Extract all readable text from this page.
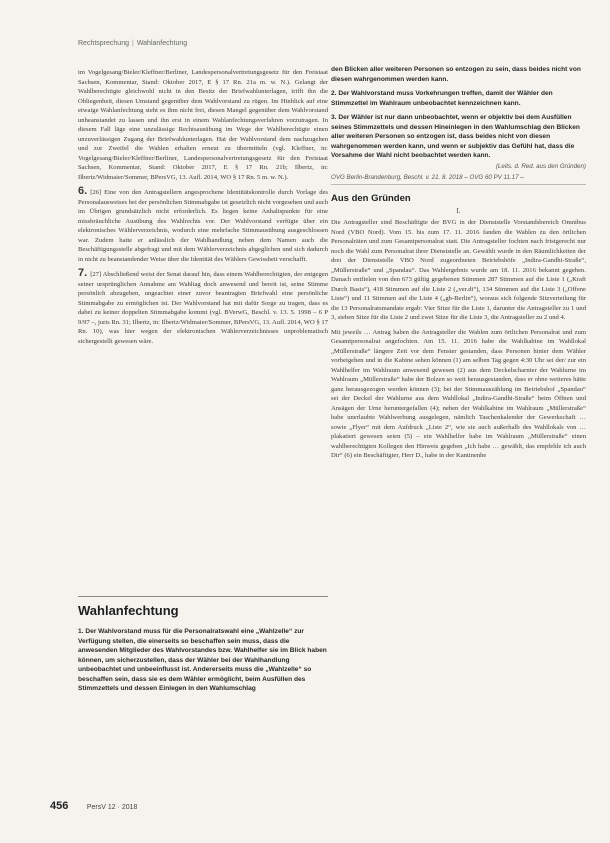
Rechtsprechung | Wahlanfechtung

im Vogelgesang/Bieler/Kleffner/Berliner, Landespersonalvertretungsgesetz für den Freistaat Sachsen, Kommentar, Stand: Oktober 2017, E § 17 Rn. 21a m. w. N.). Gelangt der Wahlberechtigte gleichwohl nicht in den Besitz der Briefwahlunterlagen, trifft ihn die Obliegenheit, diesen Umstand gegenüber dem Wahlvorstand zu rügen. Im Hinblick auf eine etwaige Wahlanfechtung steht es ihm nicht frei, diesen Mangel gegenüber dem Wahlvorstand unbeanstandet zu lassen und ihn erst in einem Wahlanfechtungsverfahren vorzutragen. In diesem Fall läge eine unzulässige Rechtsausübung im Wege der Wahlberechtigte einen unzuverlässigen Zugang der Briefwahlunterlagen. Hat der Wahlvorstand dem nachzugehen und zur Zweifel die Wahlen erhalten erneut zu übermitteln (vgl. Kleffner, in: Vogelgesang/Bieler/Kleffner/Berliner, Landespersonalvertretungsgesetz für den Freistaat Sachsen, Kommentar, Stand: Oktober 2017, E § 17 Rn. 21b; Ilbertz, in: Ilbertz/Widmaier/Sommer, BPersVG, 13. Aufl. 2014, WO § 17 Rn. 5 m. w. N.).

6. [26] Eine von den Antragstellern angesprochene Identitätskontrolle durch Vorlage des Personalausweises bei der persönlichen Stimmabgabe ist gesetzlich nicht vorgesehen und auch im Übrigen grundsätzlich nicht erforderlich. Es liegen keine Anhaltspunkte für eine missbräuchliche Ausübung des Wahlrechts vor. Der Wahlvorstand verfügte über ein elektronisches Wählerverzeichnis, wodurch eine mehrfache Stimmausübung ausgeschlossen war. Zudem hatte er anlässlich der Wahlhandlung neben dem Namen auch die Beschäftigungsstelle abgefragt und mit dem Wählerverzeichnis abgeglichen und sich dadurch in nicht zu beanstandender Weise über die Identität des Wählers Gewissheit verschafft.

7. [27] Abschließend weist der Senat darauf hin, dass einem Wahlberechtigten, der entgegen seiner ursprünglichen Annahme am Wahltag doch anwesend und bereit ist, seine Stimme persönlich abzugeben, ungeachtet einer zuvor beantragten Briefwahl eine persönliche Stimmabgabe zu ermöglichen ist. Der Wahlvorstand hat mit dafür Sorge zu tragen, dass es dabei zu keiner doppelten Stimmabgabe kommt (vgl. BVerwG, Beschl. v. 13. 5. 1998 – 6 P 9/97 –, juris Rn. 31; Ilbertz, in: Ilbertz/Widmaier/Sommer, BPersVG, 13. Aufl. 2014, WO § 17 Rn. 10), was hier wegen der elektronischen Wählerverzeichnisses unproblematisch sichergestellt gewesen wäre.

Wahlanfechtung

1. Der Wahlvorstand muss für die Personalratswahl eine „Wahlzelle“ zur Verfügung stellen, die einerseits so beschaffen sein muss, dass die anwesenden Mitglieder des Wahlvorstandes bzw. Wahlhelfer sie im Blick haben können, um sicherzustellen, dass der Wähler bei der Wahlhandlung unbeobachtet und unbeeinflusst ist. Andererseits muss die „Wahlzelle“ so beschaffen sein, dass sie es dem Wähler ermöglicht, beim Ausfüllen des Stimmzettels und dessen Einlegen in den Wahlumschlag

den Blicken aller weiteren Personen so entzogen zu sein, dass beides nicht von diesen wahrgenommen werden kann.

2. Der Wahlvorstand muss Vorkehrungen treffen, damit der Wähler den Stimmzettel im Wahlraum unbeobachtet kennzeichnen kann.

3. Der Wähler ist nur dann unbeobachtet, wenn er objektiv bei dem Ausfüllen seines Stimmzettels und dessen Hineinlegen in den Wahlumschlag den Blicken aller weiteren Personen so entzogen ist, dass beides nicht von diesen wahrgenommen werden kann, und wenn er subjektiv das Gefühl hat, dass die Vorsahme der Wahl nicht beobachtet werden kann.

(Leits. d. Red. aus den Gründen)

OVG Berlin-Brandenburg, Beschl. v. 21. 8. 2018 – OVG 60 PV 11.17 –

Aus den Gründen

I.

Die Antragsteller sind Beschäftigte der BVG in der Dienststelle Vorstandsbereich Omnibus Nord (VBO Nord). Vom 15. bis zum 17. 11. 2016 fanden die Wahlen zu den örtlichen Personalräten und zum Gesamtpersonalrat statt. Die Antragsteller fochten nach fristgerecht nur noch die Wahl zum Personalrat ihrer Dienststelle an. Gewählt wurde in den Räumlichkeiten der drei der Dienststelle VBO Nord zugeordneten Betriebshöfe „Indira-Gandhi-Straße“, „Müllerstraße“ und „Spandau“. Das Wahlergebnis wurde am 18. 11. 2016 bekannt gegeben. Danach entfielen von den 673 gültig gegebenen Stimmen 287 Stimmen auf die Liste 1 („Kraft Durch Basis“), 418 Stimmen auf die Liste 2 („ver.di“), 134 Stimmen auf die Liste 3 („Offene Liste“) und 11 Stimmen auf die Liste 4 („gb-Berlin“), woraus sich folgende Sitzverteilung für die 13 Personalratsmandate ergab: Vier Sitze für die Liste 1, darunter die Antragsteller zu 1 und 3, sieben Sitze für die Liste 2 und zwei Sitze für die Liste 3, die Antragsteller zu 2 und 4.

Mit jeweils … Antrag haben die Antragsteller die Wahlen zum örtlichen Personalrat und zum Gesamtpersonalrat angefochten. Am 15. 11. 2016 habe die Wahlkabine im Wahllokal „Müllerstraße“ längere Zeit vor dem Fenster gestanden, dass Personen hinter dem Wähler vorbeigehen und in die Kabine sehen können (1) am selben Tag gegen 4:30 Uhr sei der/ zur ein Wahlhelfer im Wahlraum anwesend gewesen (2) aus dem Deckelscharnier der Wahlurne im Wahlraum „Müllerstraße“ habe der Bolzen so weit herausgestanden, dass er ohne weiteres hätte ganz herausgezogen werden können (3); bei der Stimmauszählung im Betriebshof „Spandau“ sei der Deckel der Wahlurne aus dem Wahllokal „Indira-Gandhi-Straße“ beim Öffnen und Ansägen der Urne heruntergefallen (4); neben der Wahlkabine im Wahlraum „Müllerstraße“ habe unerlaubte Wahlwerbung ausgelegen, nämlich Taschenkalender der Gewerkschaft … sowie „Flyer“ mit dem Aufdruck „Liste 2“, wie sie auch außerhalb des Wahllokals von … plakatiert gewesen seien (5) – ein Wahlhelfer habe im Wahlraum „Müllerstraße“ einen wahlberechtigten Kollegen den Hinweis gegeben „Ich habe … gewählt, das empfehle ich auch Dir“ (6) ein Beschäftigter, Herr D., habe in der Kantinenhe

456	PersV 12 · 2018
